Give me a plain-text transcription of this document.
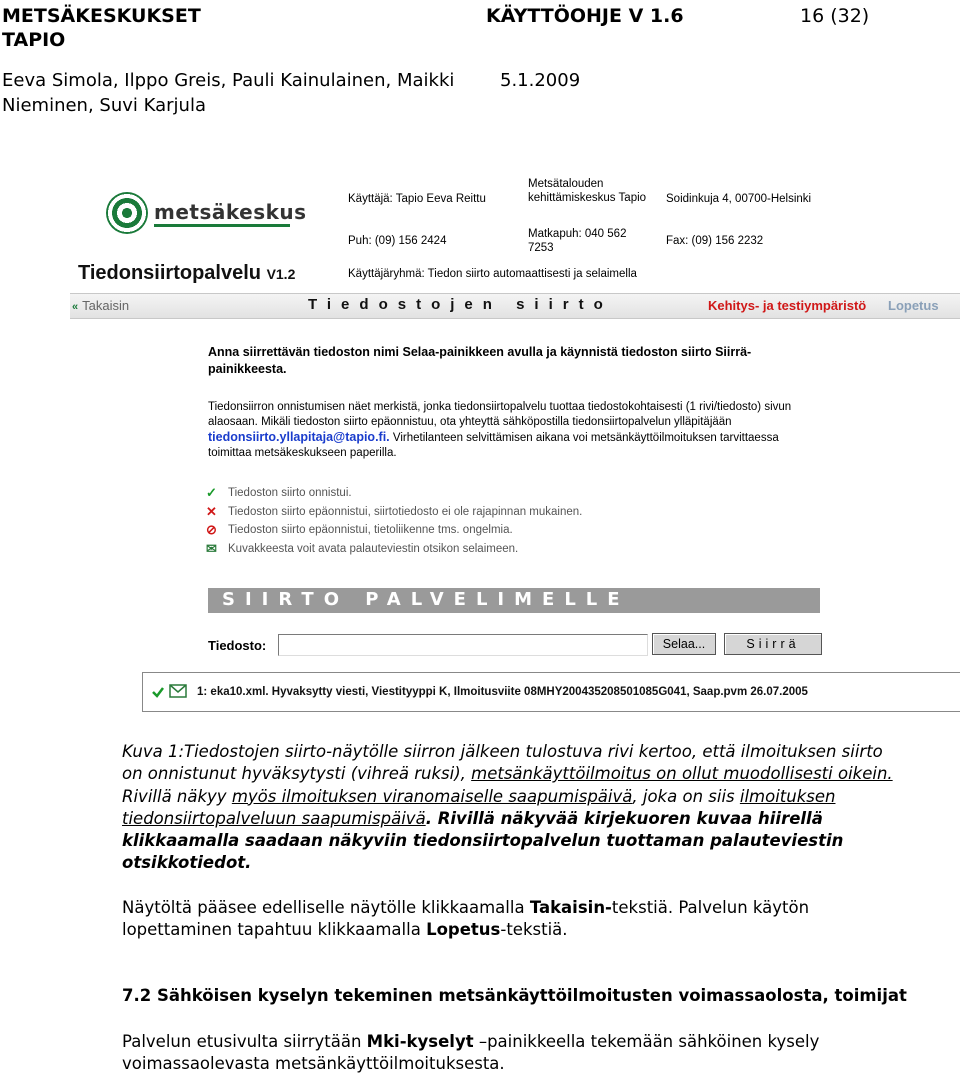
METSÄKESKUKSET
TAPIO
KÄYTTÖOHJE V 1.6	16 (32)
Eeva Simola, Ilppo Greis, Pauli Kainulainen, Maikki
Nieminen, Suvi Karjula
5.1.2009
metsäkeskus
Käyttäjä: Tapio Eeva Reittu
Puh: (09) 156 2424
Metsätalouden kehittämiskeskus Tapio
Matkapuh: 040 562 7253
Soidinkuja 4, 00700-Helsinki
Fax: (09) 156 2232
Tiedonsiirtopalvelu V1.2	Käyttäjäryhmä: Tiedon siirto automaattisesti ja selaimella
« Takaisin	Tiedostojen siirto	Kehitys- ja testiympäristö Lopetus
Anna siirrettävän tiedoston nimi Selaa-painikkeen avulla ja käynnistä tiedoston siirto Siirrä-painikkeesta.
Tiedonsiirron onnistumisen näet merkistä, jonka tiedonsiirtopalvelu tuottaa tiedostokohtaisesti (1 rivi/tiedosto) sivun alaosaan. Mikäli tiedoston siirto epäonnistuu, ota yhteyttä sähköpostilla tiedonsiirtopalvelun ylläpitäjään tiedonsiirto.yllapitaja@tapio.fi. Virhetilanteen selvittämisen aikana voi metsänkäyttöilmoituksen tarvittaessa toimittaa metsäkeskukseen paperilla.
✓ Tiedoston siirto onnistui.
✕ Tiedoston siirto epäonnistui, siirtotiedosto ei ole rajapinnan mukainen.
⊘ Tiedoston siirto epäonnistui, tietoliikenne tms. ongelmia.
✉ Kuvakkeesta voit avata palauteviestin otsikon selaimeen.
SIIRTO PALVELIMELLE
Tiedosto:	Selaa...	Siirrä
1: eka10.xml. Hyvaksytty viesti, Viestityyppi K, Ilmoitusviite 08MHY200435208501085G041, Saap.pvm 26.07.2005
Kuva 1:Tiedostojen siirto-näytölle siirron jälkeen tulostuva rivi kertoo, että ilmoituksen siirto on onnistunut hyväksytysti (vihreä ruksi), metsänkäyttöilmoitus on ollut muodollisesti oikein. Rivillä näkyy myös ilmoituksen viranomaiselle saapumispäivä, joka on siis ilmoituksen tiedonsiirtopalveluun saapumispäivä. Rivillä näkyvää kirjekuoren kuvaa hiirellä klikkaamalla saadaan näkyviin tiedonsiirtopalvelun tuottaman palauteviestin otsikkotiedot.
Näytöltä pääsee edelliselle näytölle klikkaamalla Takaisin-tekstiä. Palvelun käytön lopettaminen tapahtuu klikkaamalla Lopetus-tekstiä.
7.2 Sähköisen kyselyn tekeminen metsänkäyttöilmoitusten voimassaolosta, toimijat
Palvelun etusivulta siirrytään Mki-kyselyt –painikkeella tekemään sähköinen kysely voimassaolevasta metsänkäyttöilmoituksesta.
